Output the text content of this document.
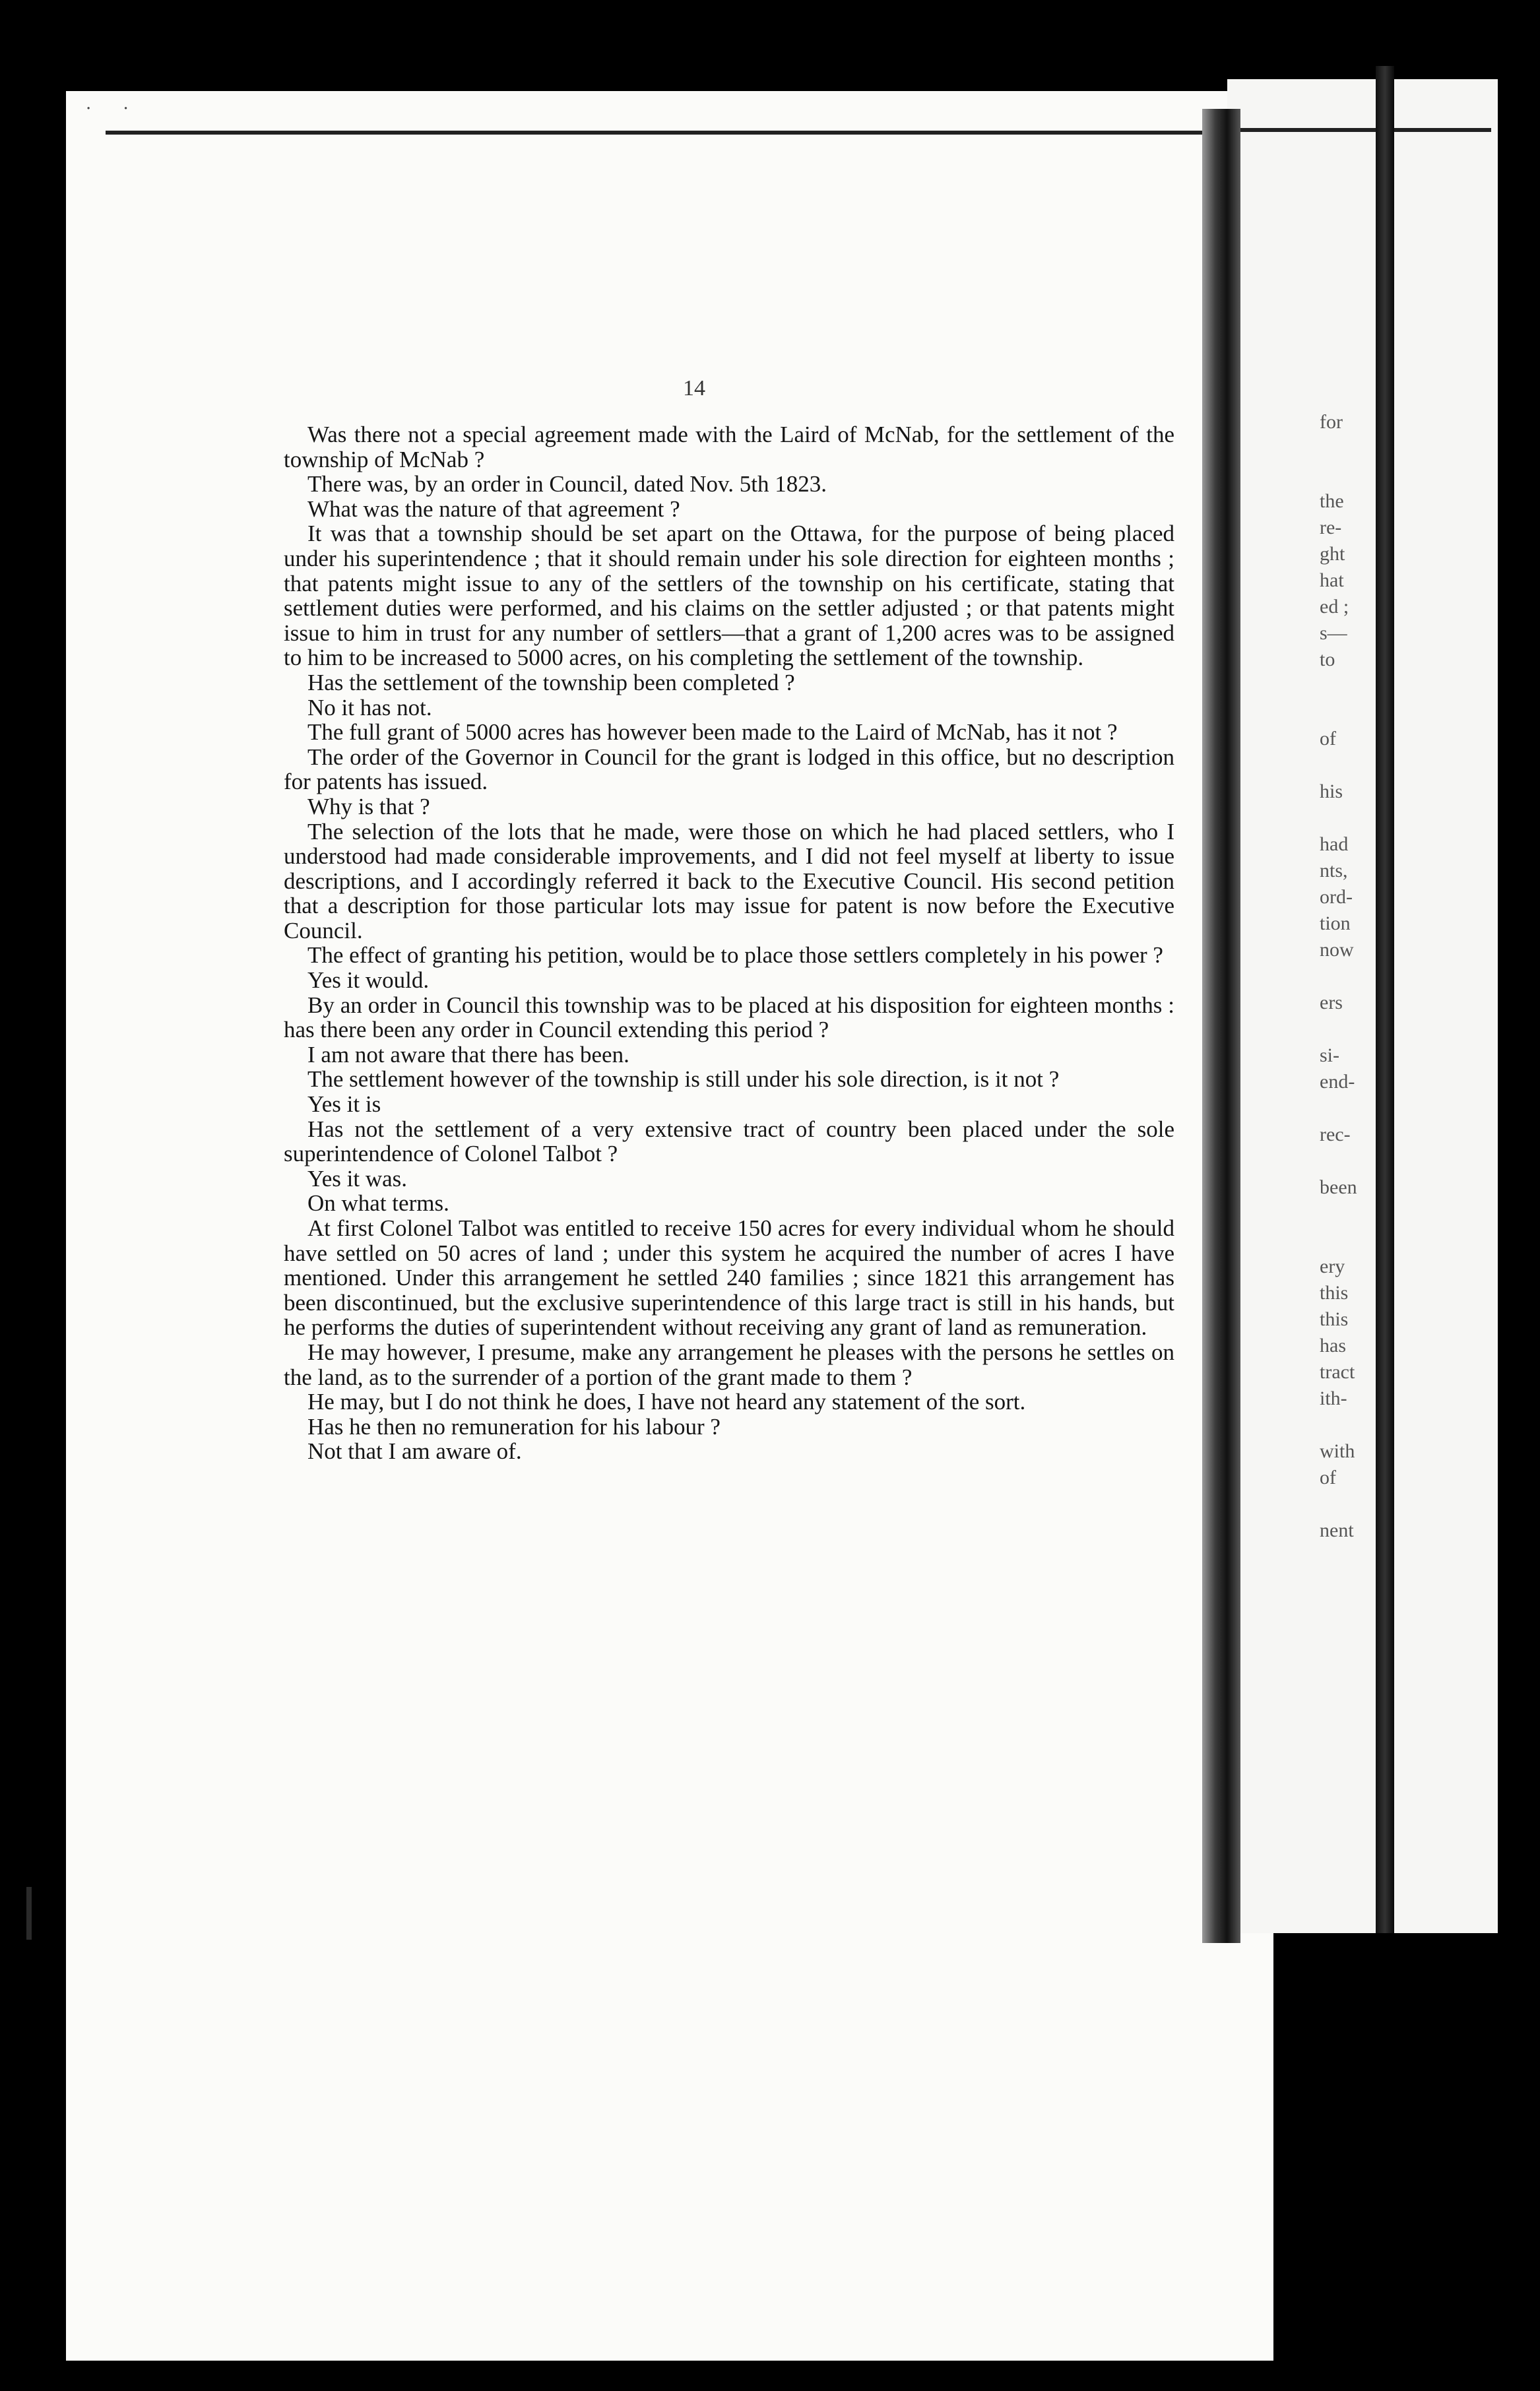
· ·
for
the
re-
ght
hat
ed ;
s—
to
of
his
had
nts,
ord-
tion
now
ers
si-
end-
rec-
been
ery
this
this
has
tract
ith-
with
of
nent
14

Was there not a special agreement made with the Laird of McNab, for the settlement of the township of McNab ?

There was, by an order in Council, dated Nov. 5th 1823.

What was the nature of that agreement ?

It was that a township should be set apart on the Ottawa, for the purpose of being placed under his superintendence ; that it should remain under his sole direction for eighteen months ; that patents might issue to any of the settlers of the township on his certificate, stating that settlement duties were performed, and his claims on the settler adjusted ; or that patents might issue to him in trust for any number of settlers—that a grant of 1,200 acres was to be assigned to him to be increased to 5000 acres, on his completing the settlement of the township.

Has the settlement of the township been completed ?

No it has not.

The full grant of 5000 acres has however been made to the Laird of McNab, has it not ?

The order of the Governor in Council for the grant is lodged in this office, but no description for patents has issued.

Why is that ?

The selection of the lots that he made, were those on which he had placed settlers, who I understood had made considerable improvements, and I did not feel myself at liberty to issue descriptions, and I accordingly referred it back to the Executive Council. His second petition that a description for those particular lots may issue for patent is now before the Executive Council.

The effect of granting his petition, would be to place those settlers completely in his power ?

Yes it would.

By an order in Council this township was to be placed at his disposition for eighteen months : has there been any order in Council extending this period ?

I am not aware that there has been.

The settlement however of the township is still under his sole direction, is it not ?

Yes it is

Has not the settlement of a very extensive tract of country been placed under the sole superintendence of Colonel Talbot ?

Yes it was.

On what terms.

At first Colonel Talbot was entitled to receive 150 acres for every individual whom he should have settled on 50 acres of land ; under this system he acquired the number of acres I have mentioned. Under this arrangement he settled 240 families ; since 1821 this arrangement has been discontinued, but the exclusive superintendence of this large tract is still in his hands, but he performs the duties of superintendent without receiving any grant of land as remuneration.

He may however, I presume, make any arrangement he pleases with the persons he settles on the land, as to the surrender of a portion of the grant made to them ?

He may, but I do not think he does, I have not heard any statement of the sort.

Has he then no remuneration for his labour ?

Not that I am aware of.
